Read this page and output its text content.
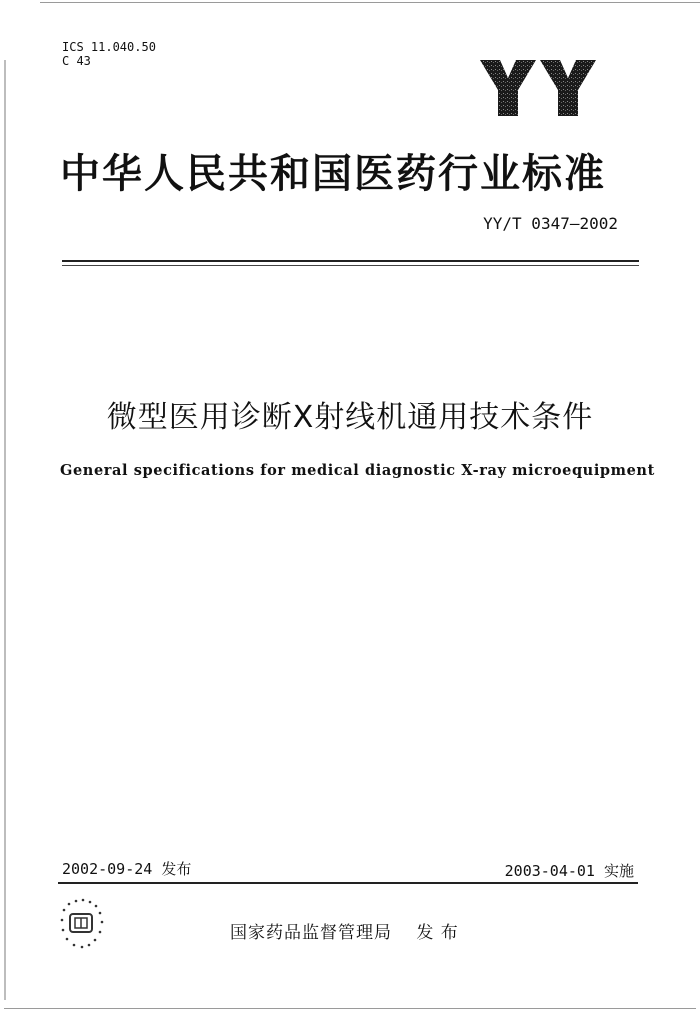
ICS 11.040.50
C 43
中华人民共和国医药行业标准
YY/T 0347—2002
微型医用诊断X射线机通用技术条件
General specifications for medical diagnostic X-ray microequipment
2002-09-24 发布	2003-04-01 实施
国家药品监督管理局 发 布
